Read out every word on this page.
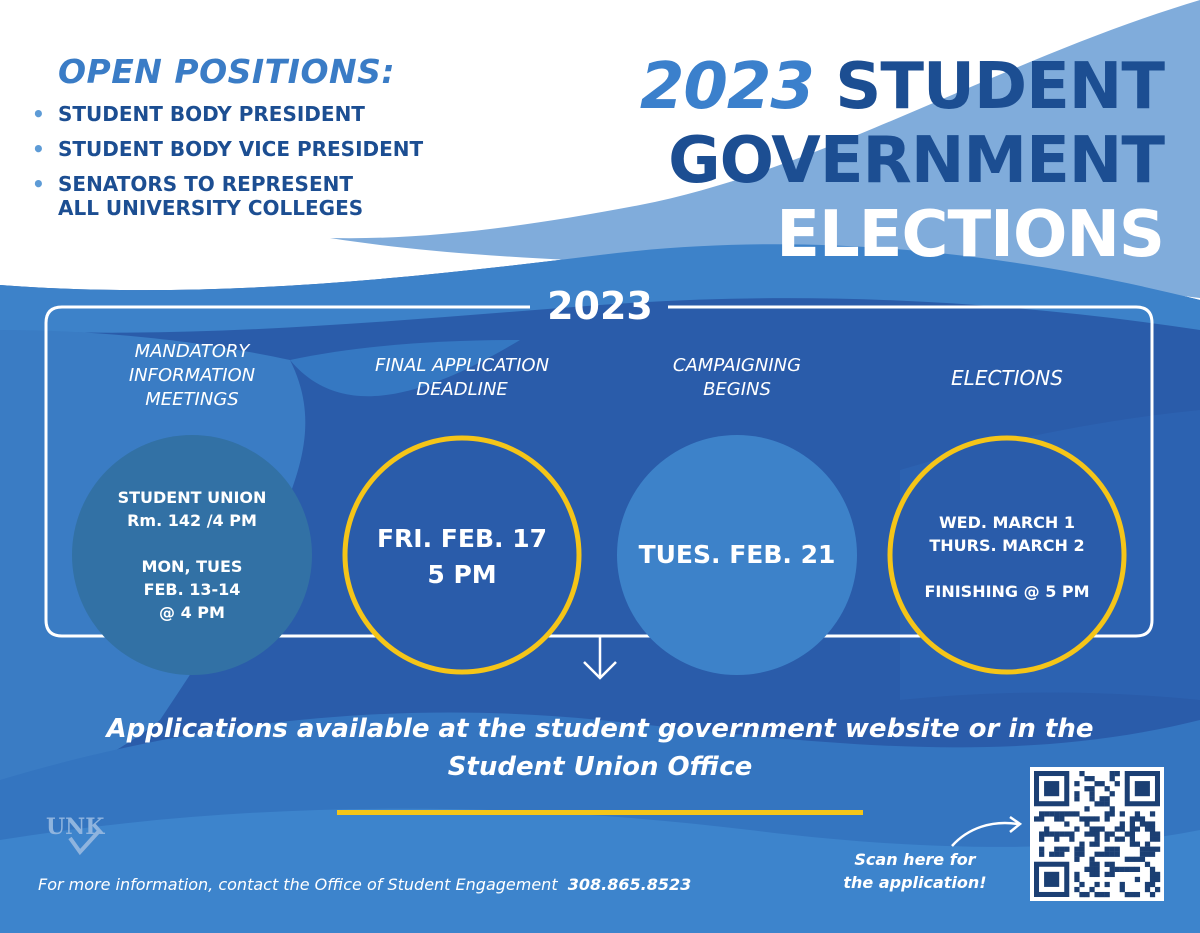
OPEN POSITIONS:
• STUDENT BODY PRESIDENT
• STUDENT BODY VICE PRESIDENT
• SENATORS TO REPRESENT
ALL UNIVERSITY COLLEGES
2023 STUDENT
GOVERNMENT
ELECTIONS
2023
MANDATORY
INFORMATION
MEETINGS
FINAL APPLICATION
DEADLINE
CAMPAIGNING
BEGINS	ELECTIONS
STUDENT UNION
Rm. 142 /4 PM

MON, TUES
FEB. 13-14
@ 4 PM
FRI. FEB. 17
5 PM
TUES. FEB. 21
WED. MARCH 1
THURS. MARCH 2

FINISHING @ 5 PM
Applications available at the student government website or in the Student Union Office
UNK
For more information, contact the Office of Student Engagement 308.865.8523
Scan here for
the application!
